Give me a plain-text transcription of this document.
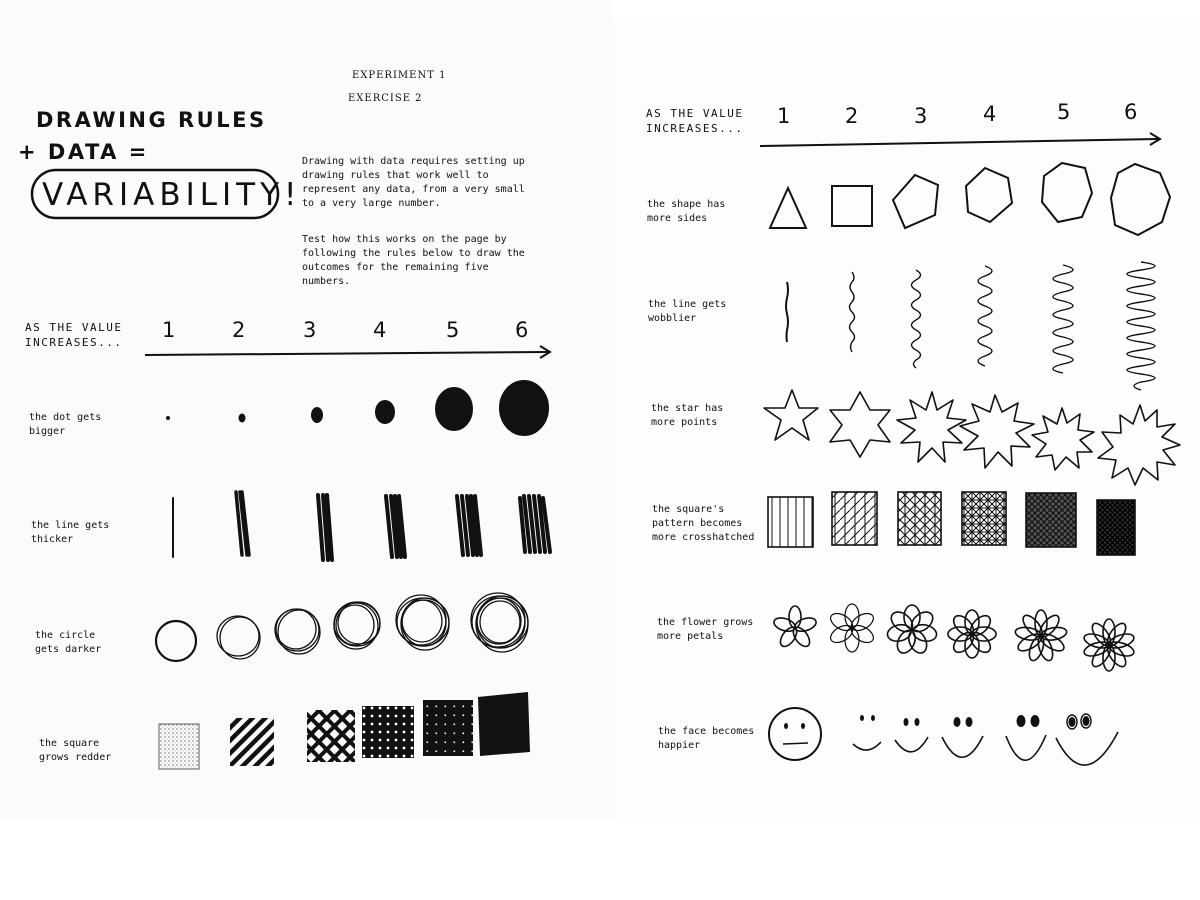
EXPERIMENT 1
EXERCISE 2
DRAWING RULES
+ DATA =
VARIABILITY!
Drawing with data requires setting up drawing rules that work well to represent any data, from a very small to a very large number.
Test how this works on the page by following the rules below to draw the outcomes for the remaining five numbers.
AS THE VALUE INCREASES...
1	2	3	4	5	6
the dot gets bigger
the line gets thicker
the circle gets darker
the square grows redder
AS THE VALUE INCREASES...
1	2	3	4	5	6
the shape has more sides
the line gets wobblier
the star has more points
the square's pattern becomes more crosshatched
the flower grows more petals
the face becomes happier
